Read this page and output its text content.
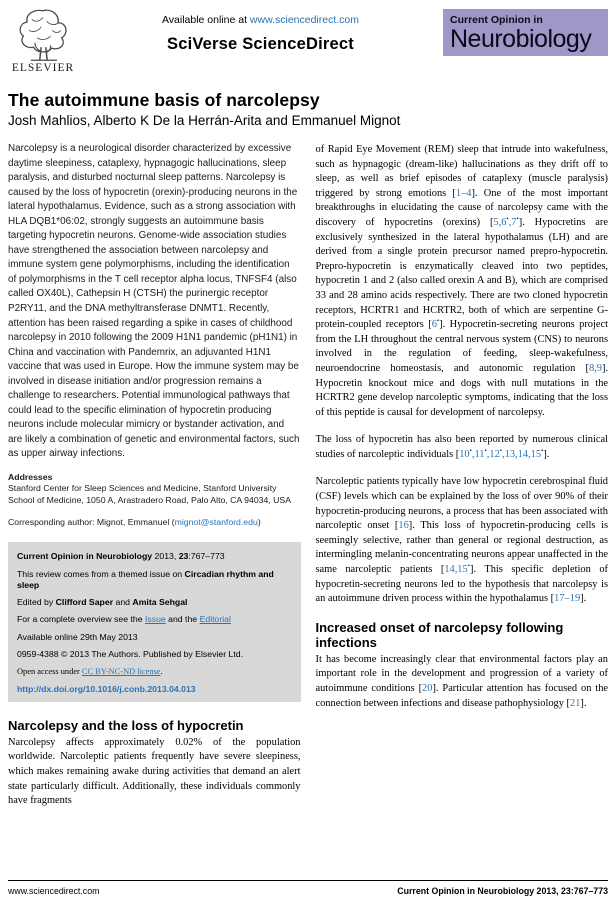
ELSEVIER
Available online at www.sciencedirect.com
SciVerse ScienceDirect
Current Opinion in
Neurobiology
The autoimmune basis of narcolepsy
Josh Mahlios, Alberto K De la Herrán-Arita and Emmanuel Mignot
Narcolepsy is a neurological disorder characterized by excessive daytime sleepiness, cataplexy, hypnagogic hallucinations, sleep paralysis, and disturbed nocturnal sleep patterns. Narcolepsy is caused by the loss of hypocretin (orexin)-producing neurons in the lateral hypothalamus. Evidence, such as a strong association with HLA DQB1*06:02, strongly suggests an autoimmune basis targeting hypocretin neurons. Genome-wide association studies have strengthened the association between narcolepsy and immune system gene polymorphisms, including the identification of polymorphisms in the T cell receptor alpha locus, TNFSF4 (also called OX40L), Cathepsin H (CTSH) the purinergic receptor P2RY11, and the DNA methyltransferase DNMT1. Recently, attention has been raised regarding a spike in cases of childhood narcolepsy in 2010 following the 2009 H1N1 pandemic (pH1N1) in China and vaccination with Pandemrix, an adjuvanted H1N1 vaccine that was used in Europe. How the immune system may be involved in disease initiation and/or progression remains a challenge to researchers. Potential immunological pathways that could lead to the specific elimination of hypocretin producing neurons include molecular mimicry or bystander activation, and are likely a combination of genetic and environmental factors, such as upper airway infections.
Addresses
Stanford Center for Sleep Sciences and Medicine, Stanford University School of Medicine, 1050 A, Arastradero Road, Palo Alto, CA 94034, USA
Corresponding author: Mignot, Emmanuel (mignot@stanford.edu)
Current Opinion in Neurobiology 2013, 23:767–773
This review comes from a themed issue on Circadian rhythm and sleep
Edited by Clifford Saper and Amita Sehgal
For a complete overview see the Issue and the Editorial
Available online 29th May 2013
0959-4388 © 2013 The Authors. Published by Elsevier Ltd.
Open access under CC BY-NC-ND license.
http://dx.doi.org/10.1016/j.conb.2013.04.013
Narcolepsy and the loss of hypocretin

Narcolepsy affects approximately 0.02% of the population worldwide. Narcoleptic patients frequently have severe sleepiness, which makes remaining awake during activities that demand an alert state particularly difficult. Additionally, these individuals commonly have fragments

of Rapid Eye Movement (REM) sleep that intrude into wakefulness, such as hypnagogic (dream-like) hallucinations as they drift off to sleep, as well as brief episodes of cataplexy (muscle paralysis) triggered by strong emotions [1–4]. One of the most important breakthroughs in elucidating the cause of narcolepsy came with the discovery of hypocretins (orexins) [5,6•,7•]. Hypocretins are exclusively synthesized in the lateral hypothalamus (LH) and are derived from a single protein precursor named prepro-hypocretin. Prepro-hypocretin is enzymatically cleaved into two peptides, hypocretin 1 and 2 (also called orexin A and B), which are comprised 33 and 28 amino acids respectively. There are two cloned hypocretin receptors, HCRTR1 and HCRTR2, both of which are serpentine G-protein-coupled receptors [6•]. Hypocretin-secreting neurons project from the LH throughout the central nervous system (CNS) to neurons involved in the regulation of feeding, sleep-wakefulness, neuroendocrine homeostasis, and autonomic regulation [8,9]. Hypocretin knockout mice and dogs with null mutations in the HCRTR2 gene develop narcoleptic symptoms, indicating that the loss of this peptide is causal for development of narcolepsy.

The loss of hypocretin has also been reported by numerous clinical studies of narcoleptic individuals [10•,11•,12•,13,14,15•].

Narcoleptic patients typically have low hypocretin cerebrospinal fluid (CSF) levels which can be explained by the loss of over 90% of their hypocretin-producing neurons, a process that has been associated with narcoleptic onset [16]. This loss of hypocretin-producing cells is seemingly selective, rather than general or regional destruction, as intermingling melanin-concentrating neurons appear unaffected in the same narcoleptic patients [14,15•]. This specific depletion of hypocretin-secreting neurons led to the hypothesis that narcolepsy is an autoimmune driven process within the hypothalamus [17–19].

Increased onset of narcolepsy following infections

It has become increasingly clear that environmental factors play an important role in the development and progression of a variety of autoimmune conditions [20]. Particular attention has focused on the connection between infections and disease pathophysiology [21].

www.sciencedirect.com	Current Opinion in Neurobiology 2013, 23:767–773
